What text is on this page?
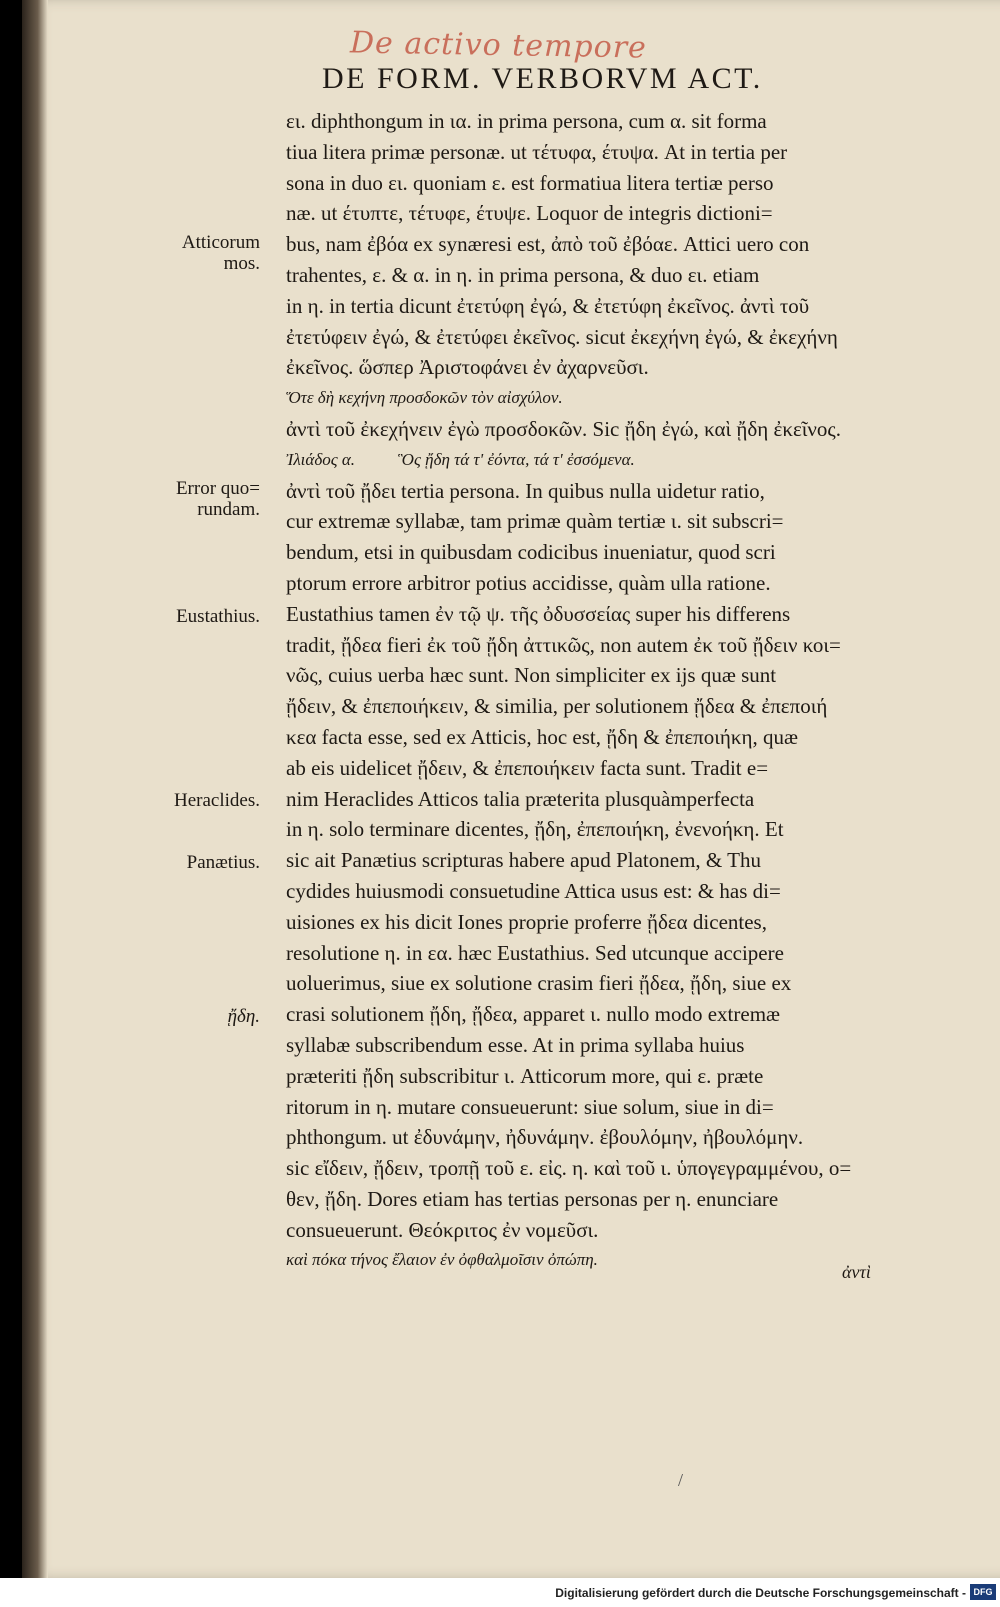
De activo tempore
DE FORM. VERBORVM ACT.
ει. diphthongum in ια. in prima persona, cum α. sit forma
tiua litera primæ personæ. ut τέτυφα, έτυψα. At in tertia per
sona in duo ει. quoniam ε. est formatiua litera tertiæ perso
næ. ut έτυπτε, τέτυφε, έτυψε. Loquor de integris dictioni=
bus, nam ἐβόα ex synæresi est, ἀπὸ τοῦ ἐβόαε. Attici uero con
trahentes, ε. & α. in η. in prima persona, & duo ει. etiam
in η. in tertia dicunt ἐτετύφη ἐγώ, & ἐτετύφη ἐκεῖνος. ἀντὶ τοῦ
ἐτετύφειν ἐγώ, & ἐτετύφει ἐκεῖνος. sicut ἐκεχήνη ἐγώ, & ἐκεχήνη
ἐκεῖνος. ὥσπερ Ἀριστοφάνει ἐν ἀχαρνεῦσι.
Ὅτε δὴ κεχήνη προσδοκῶν τὸν αἰσχύλον.
ἀντὶ τοῦ ἐκεχήνειν ἐγὼ προσδοκῶν. Sic ᾔδη ἐγώ, καὶ ᾔδη ἐκεῖνος.
Ἰλιάδος α.          Ὃς ᾔδη τά τ' ἐόντα, τά τ' ἐσσόμενα.
ἀντὶ τοῦ ᾔδει tertia persona. In quibus nulla uidetur ratio,
cur extremæ syllabæ, tam primæ quàm tertiæ ι. sit subscri=
bendum, etsi in quibusdam codicibus inueniatur, quod scri
ptorum errore arbitror potius accidisse, quàm ulla ratione.
Eustathius tamen ἐν τῷ ψ. τῆς ὀδυσσείας super his differens
tradit, ᾔδεα fieri ἐκ τοῦ ᾔδη ἀττικῶς, non autem ἐκ τοῦ ᾔδειν κοι=
νῶς, cuius uerba hæc sunt. Non simpliciter ex ijs quæ sunt
ᾔδειν, & ἐπεποιήκειν, & similia, per solutionem ᾔδεα & ἐπεποιή
κεα facta esse, sed ex Atticis, hoc est, ᾔδη & ἐπεποιήκη, quæ
ab eis uidelicet ᾔδειν, & ἐπεποιήκειν facta sunt. Tradit e=
nim Heraclides Atticos talia præterita plusquàmperfecta
in η. solo terminare dicentes, ᾔδη, ἐπεποιήκη, ἐνενοήκη. Et
sic ait Panætius scripturas habere apud Platonem, & Thu
cydides huiusmodi consuetudine Attica usus est: & has di=
uisiones ex his dicit Iones proprie proferre ᾔδεα dicentes,
resolutione η. in εα. hæc Eustathius. Sed utcunque accipere
uoluerimus, siue ex solutione crasim fieri ᾔδεα, ᾔδη, siue ex
crasi solutionem ᾔδη, ᾔδεα, apparet ι. nullo modo extremæ
syllabæ subscribendum esse. At in prima syllaba huius
præteriti ᾔδη subscribitur ι. Atticorum more, qui ε. præte
ritorum in η. mutare consueuerunt: siue solum, siue in di=
phthongum. ut ἐδυνάμην, ἠδυνάμην. ἐβουλόμην, ἠβουλόμην.
sic εἴδειν, ᾔδειν, τροπῇ τοῦ ε. εἰς. η. καὶ τοῦ ι. ὑπογεγραμμένου, ο=
θεν, ᾔδη. Dores etiam has tertias personas per η. enunciare
consueuerunt. Θεόκριτος ἐν νομεῦσι.
καὶ πόκα τήνος ἔλαιον ἐν ὀφθαλμοῖσιν ὀπώπη.
Atticorum
mos.
Error quo=
rundam.
Eustathius.
Heraclides.
Panætius.
ᾔδη.
ἀντὶ
/
Digitalisierung gefördert durch die Deutsche Forschungsgemeinschaft - DFG
